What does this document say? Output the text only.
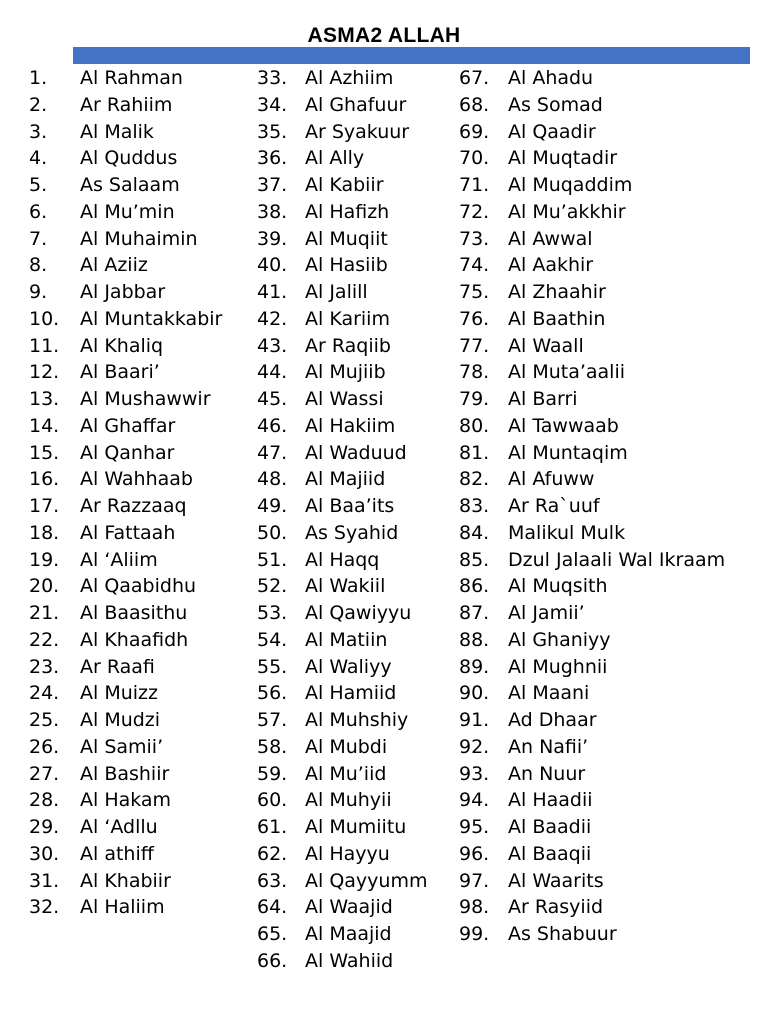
ASMA2 ALLAH
1.	Al Rahman
2.	Ar Rahiim
3.	Al Malik
4.	Al Quddus
5.	As Salaam
6.	Al Mu’min
7.	Al Muhaimin
8.	Al Aziiz
9.	Al Jabbar
10.	Al Muntakkabir
11.	Al Khaliq
12.	Al Baari’
13.	Al Mushawwir
14.	Al Ghaffar
15.	Al Qanhar
16.	Al Wahhaab
17.	Ar Razzaaq
18.	Al Fattaah
19.	Al ‘Aliim
20.	Al Qaabidhu
21.	Al Baasithu
22.	Al Khaafidh
23.	Ar Raafi
24.	Al Muizz
25.	Al Mudzi
26.	Al Samii’
27.	Al Bashiir
28.	Al Hakam
29.	Al ‘Adllu
30.	Al athiff
31.	Al Khabiir
32.	Al Haliim
33. Al Azhiim
34. Al Ghafuur
35. Ar Syakuur
36. Al Ally
37. Al Kabiir
38. Al Hafizh
39. Al Muqiit
40. Al Hasiib
41. Al Jalill
42. Al Kariim
43. Ar Raqiib
44. Al Mujiib
45. Al Wassi
46. Al Hakiim
47. Al Waduud
48. Al Majiid
49. Al Baa’its
50. As Syahid
51. Al Haqq
52. Al Wakiil
53. Al Qawiyyu
54. Al Matiin
55. Al Waliyy
56. Al Hamiid
57. Al Muhshiy
58. Al Mubdi
59. Al Mu’iid
60. Al Muhyii
61. Al Mumiitu
62. Al Hayyu
63. Al Qayyumm
64. Al Waajid
65. Al Maajid
66. Al Wahiid
67. Al Ahadu
68. As Somad
69. Al Qaadir
70. Al Muqtadir
71. Al Muqaddim
72. Al Mu’akkhir
73. Al Awwal
74. Al Aakhir
75. Al Zhaahir
76. Al Baathin
77. Al Waall
78. Al Muta’aalii
79. Al Barri
80. Al Tawwaab
81. Al Muntaqim
82. Al Afuww
83. Ar Ra`uuf
84. Malikul Mulk
85. Dzul Jalaali Wal Ikraam
86. Al Muqsith
87. Al Jamii’
88. Al Ghaniyy
89. Al Mughnii
90. Al Maani
91. Ad Dhaar
92. An Nafii’
93. An Nuur
94. Al Haadii
95. Al Baadii
96. Al Baaqii
97. Al Waarits
98. Ar Rasyiid
99. As Shabuur
